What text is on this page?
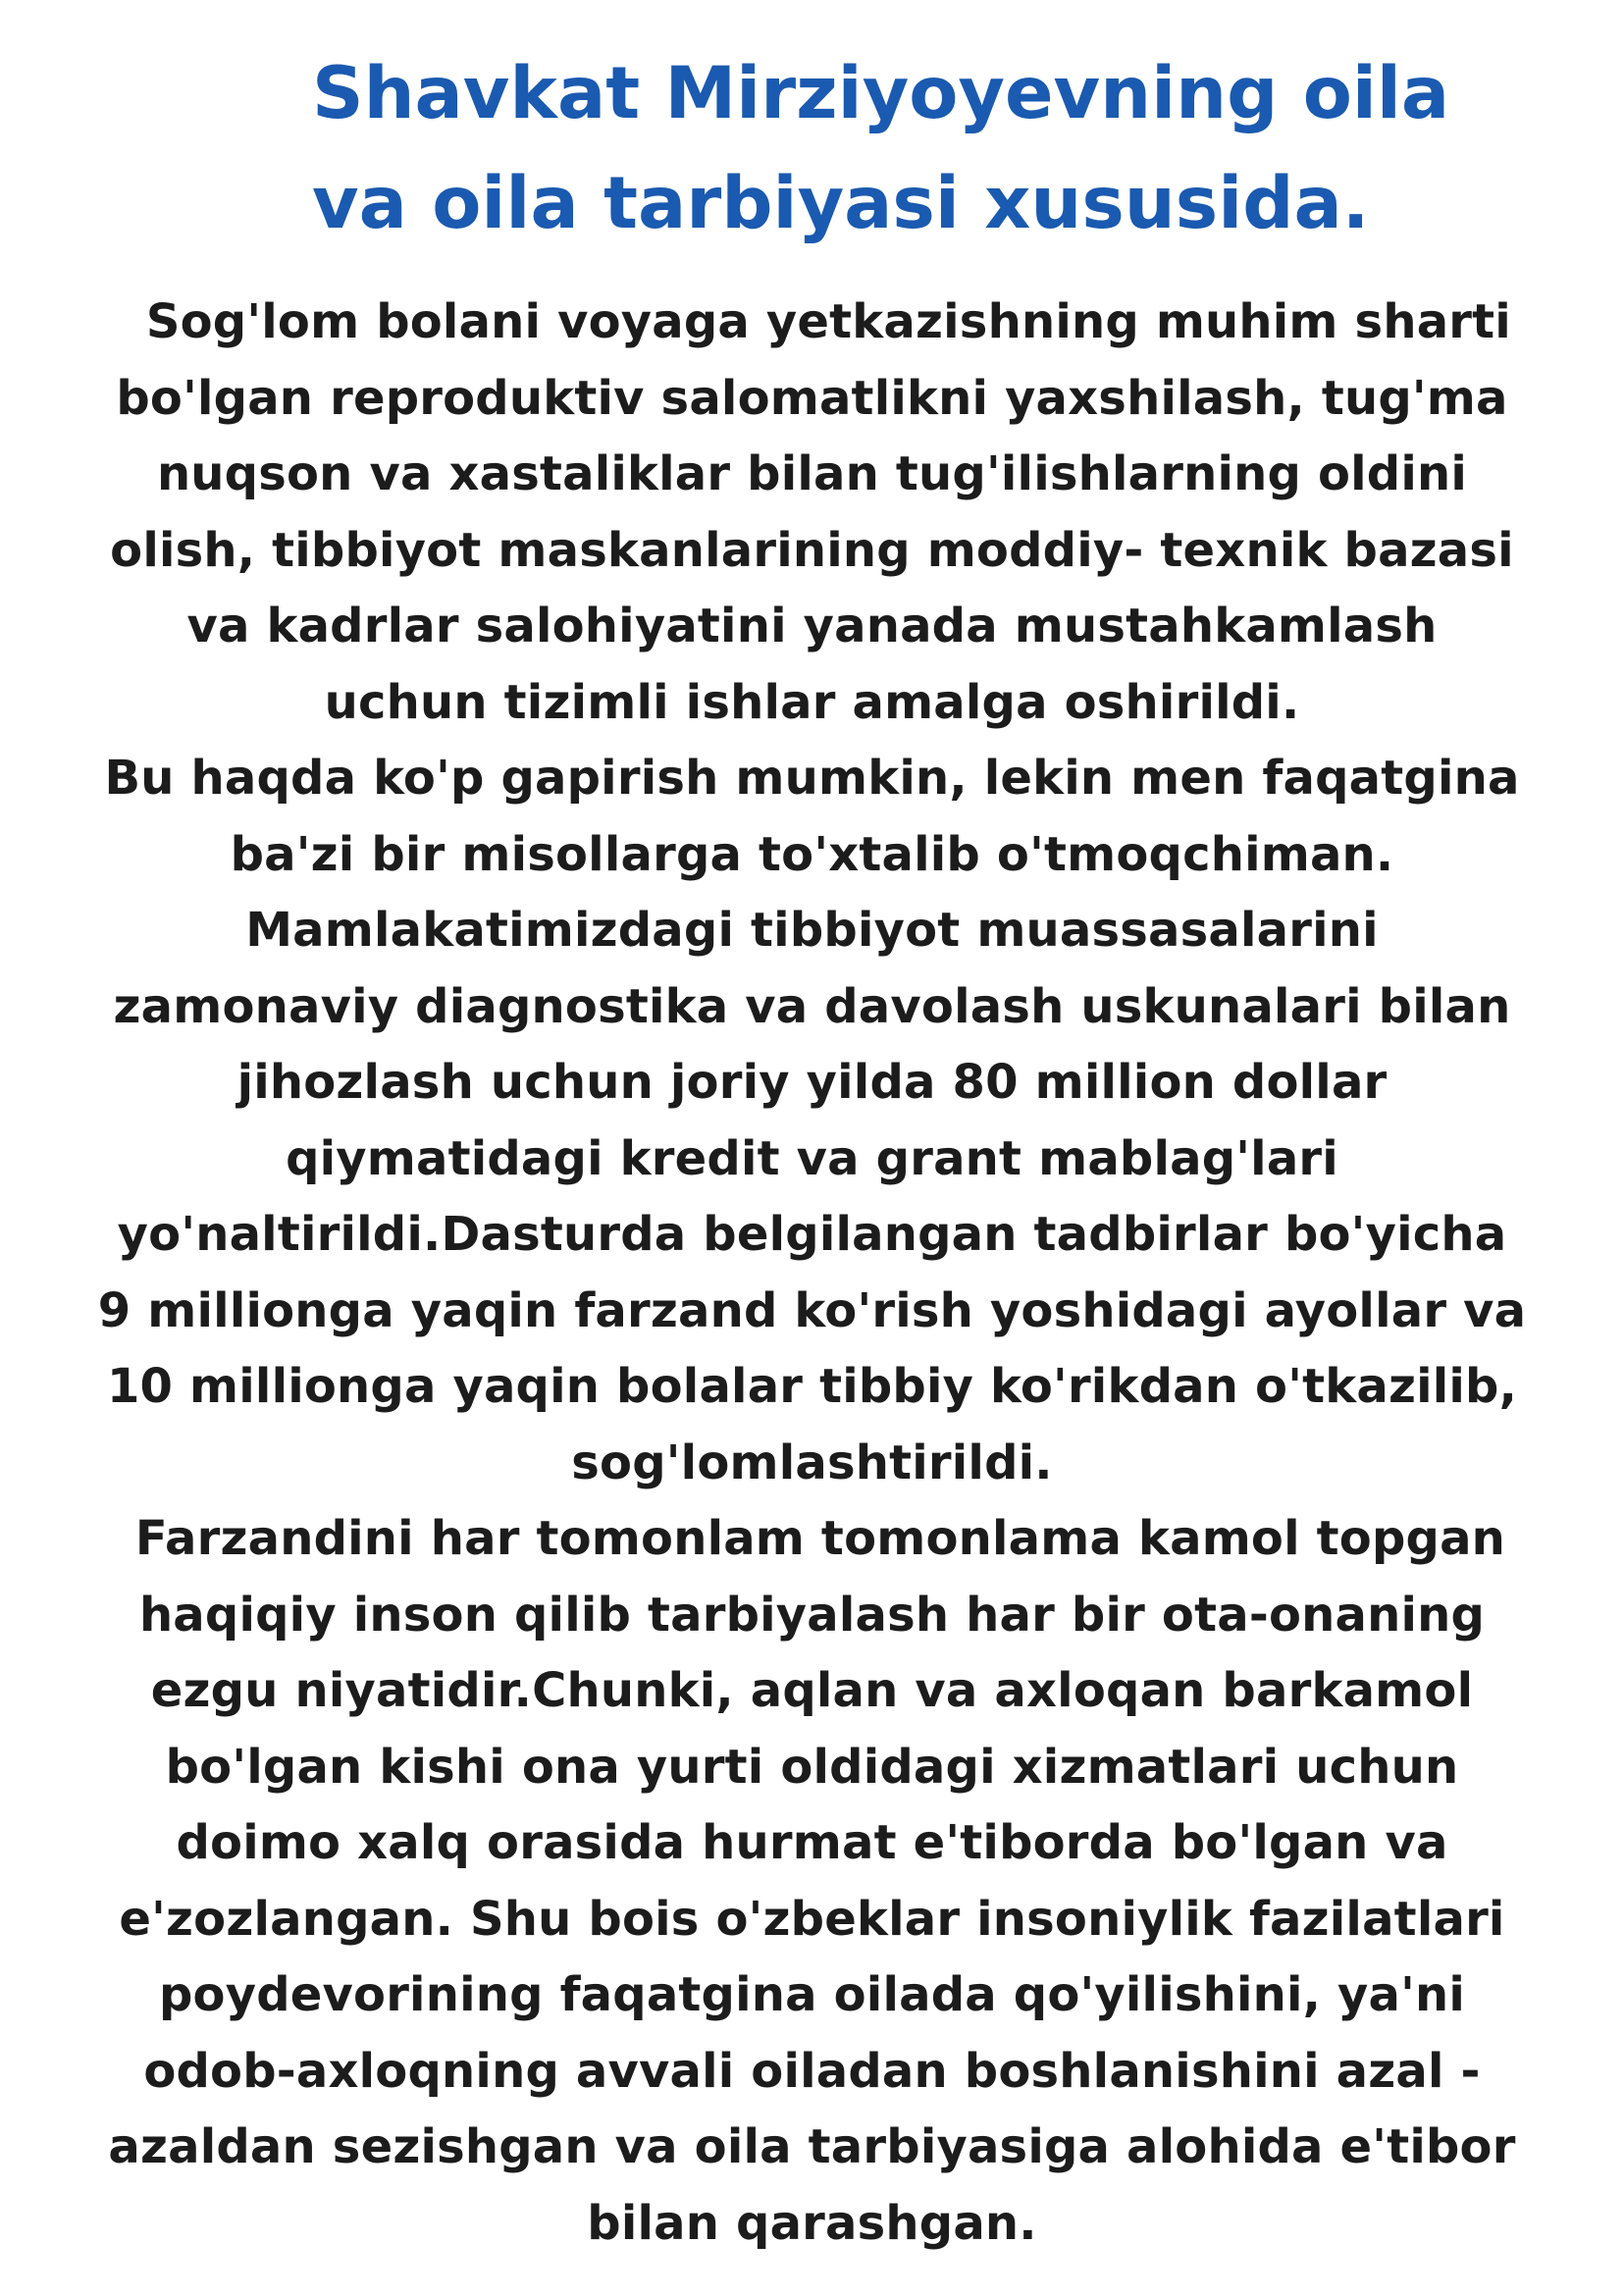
Shavkat Mirziyoyevning oila
va oila tarbiyasi xususida.
Sog'lom bolani voyaga yetkazishning muhim sharti
bo'lgan reproduktiv salomatlikni yaxshilash, tug'ma
nuqson va xastaliklar bilan tug'ilishlarning oldini
olish, tibbiyot maskanlarining moddiy- texnik bazasi
va kadrlar salohiyatini yanada mustahkamlash
uchun tizimli ishlar amalga oshirildi.
Bu haqda ko'p gapirish mumkin, lekin men faqatgina
ba'zi bir misollarga to'xtalib o'tmoqchiman.
Mamlakatimizdagi tibbiyot muassasalarini
zamonaviy diagnostika va davolash uskunalari bilan
jihozlash uchun joriy yilda 80 million dollar
qiymatidagi kredit va grant mablag'lari
yo'naltirildi.Dasturda belgilangan tadbirlar bo'yicha
9 millionga yaqin farzand ko'rish yoshidagi ayollar va
10 millionga yaqin bolalar tibbiy ko'rikdan o'tkazilib,
sog'lomlashtirildi.
Farzandini har tomonlam tomonlama kamol topgan
haqiqiy inson qilib tarbiyalash har bir ota-onaning
ezgu niyatidir.Chunki, aqlan va axloqan barkamol
bo'lgan kishi ona yurti oldidagi xizmatlari uchun
doimo xalq orasida hurmat e'tiborda bo'lgan va
e'zozlangan. Shu bois o'zbeklar insoniylik fazilatlari
poydevorining faqatgina oilada qo'yilishini, ya'ni
odob-axloqning avvali oiladan boshlanishini azal -
azaldan sezishgan va oila tarbiyasiga alohida e'tibor
bilan qarashgan.
